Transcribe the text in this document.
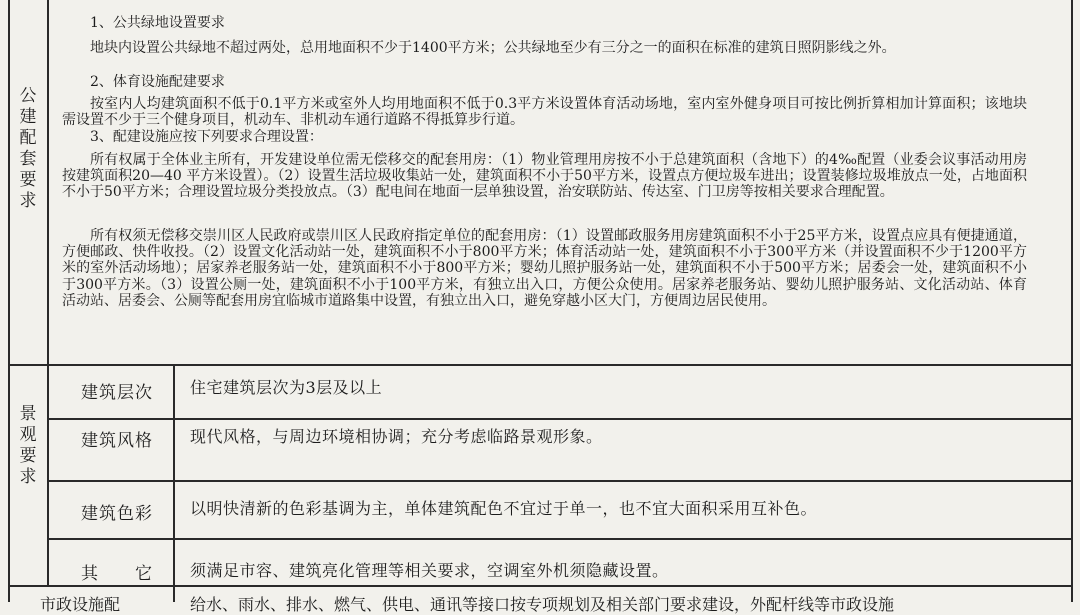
公建配套要求
1、公共绿地设置要求
地块内设置公共绿地不超过两处，总用地面积不少于1400平方米；公共绿地至少有三分之一的面积在标准的建筑日照阴影线之外。
2、体育设施配建要求
按室内人均建筑面积不低于0.1平方米或室外人均用地面积不低于0.3平方米设置体育活动场地，室内室外健身项目可按比例折算相加计算面积；该地块需设置不少于三个健身项目，机动车、非机动车通行道路不得抵算步行道。
3、配建设施应按下列要求合理设置：
所有权属于全体业主所有，开发建设单位需无偿移交的配套用房：（1）物业管理用房按不小于总建筑面积（含地下）的4‰配置（业委会议事活动用房按建筑面积20—40 平方米设置）。（2）设置生活垃圾收集站一处，建筑面积不小于50平方米，设置点方便垃圾车进出；设置装修垃圾堆放点一处，占地面积不小于50平方米；合理设置垃圾分类投放点。（3）配电间在地面一层单独设置，治安联防站、传达室、门卫房等按相关要求合理配置。
所有权须无偿移交崇川区人民政府或崇川区人民政府指定单位的配套用房：（1）设置邮政服务用房建筑面积不小于25平方米，设置点应具有便捷通道，方便邮政、快件收投。（2）设置文化活动站一处，建筑面积不小于800平方米；体育活动站一处，建筑面积不小于300平方米（并设置面积不少于1200平方米的室外活动场地）；居家养老服务站一处，建筑面积不小于800平方米；婴幼儿照护服务站一处，建筑面积不小于500平方米；居委会一处，建筑面积不小于300平方米。（3）设置公厕一处，建筑面积不小于100平方米，有独立出入口，方便公众使用。居家养老服务站、婴幼儿照护服务站、文化活动站、体育活动站、居委会、公厕等配套用房宜临城市道路集中设置，有独立出入口，避免穿越小区大门，方便周边居民使用。
景观要求
建筑层次	住宅建筑层次为3层及以上
建筑风格	现代风格，与周边环境相协调；充分考虑临路景观形象。
建筑色彩	以明快清新的色彩基调为主，单体建筑配色不宜过于单一，也不宜大面积采用互补色。
其　　它	须满足市容、建筑亮化管理等相关要求，空调室外机须隐藏设置。
市政设施配	给水、雨水、排水、燃气、供电、通讯等接口按专项规划及相关部门要求建设，外配杆线等市政设施
